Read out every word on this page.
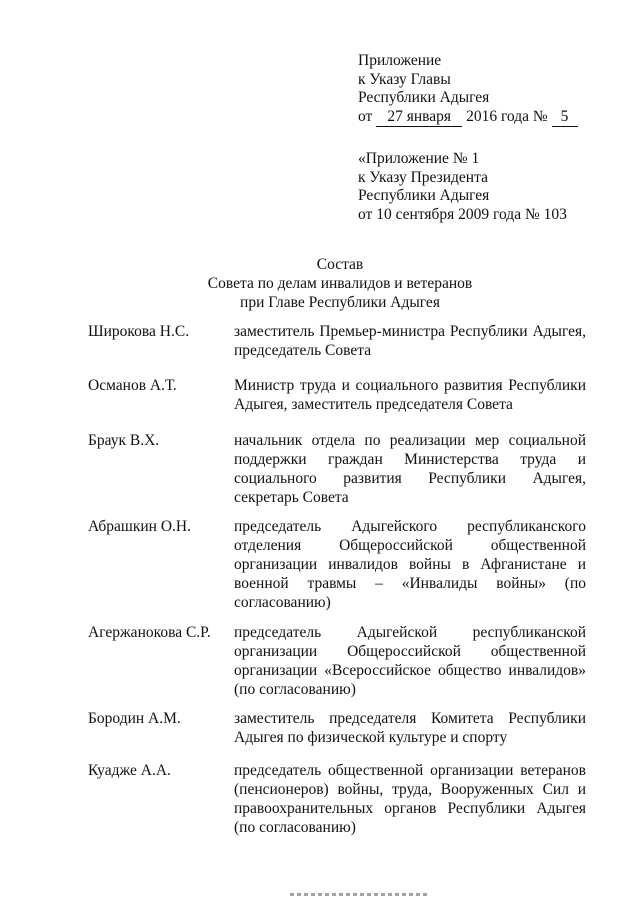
Приложение
к Указу Главы
Республики Адыгея
от 27 января 2016 года № 5
«Приложение № 1
к Указу Президента
Республики Адыгея
от 10 сентября 2009 года № 103
Состав
Совета по делам инвалидов и ветеранов
при Главе Республики Адыгея
Широкова Н.С.	заместитель Премьер-министра Республики Адыгея, председатель Совета
Османов А.Т.	Министр труда и социального развития Республики Адыгея, заместитель председателя Совета
Браук В.Х.	начальник отдела по реализации мер социальной поддержки граждан Министерства труда и социального развития Республики Адыгея, секретарь Совета
Абрашкин О.Н.	председатель Адыгейского республиканского отделения Общероссийской общественной организации инвалидов войны в Афганистане и военной травмы – «Инвалиды войны» (по согласованию)
Агержанокова С.Р. председатель Адыгейской республиканской организации Общероссийской общественной организации «Всероссийское общество инвалидов» (по согласованию)
Бородин А.М.	заместитель председателя Комитета Республики Адыгея по физической культуре и спорту
Куадже А.А.	председатель общественной организации ветеранов (пенсионеров) войны, труда, Вооруженных Сил и правоохранительных органов Республики Адыгея (по согласованию)
